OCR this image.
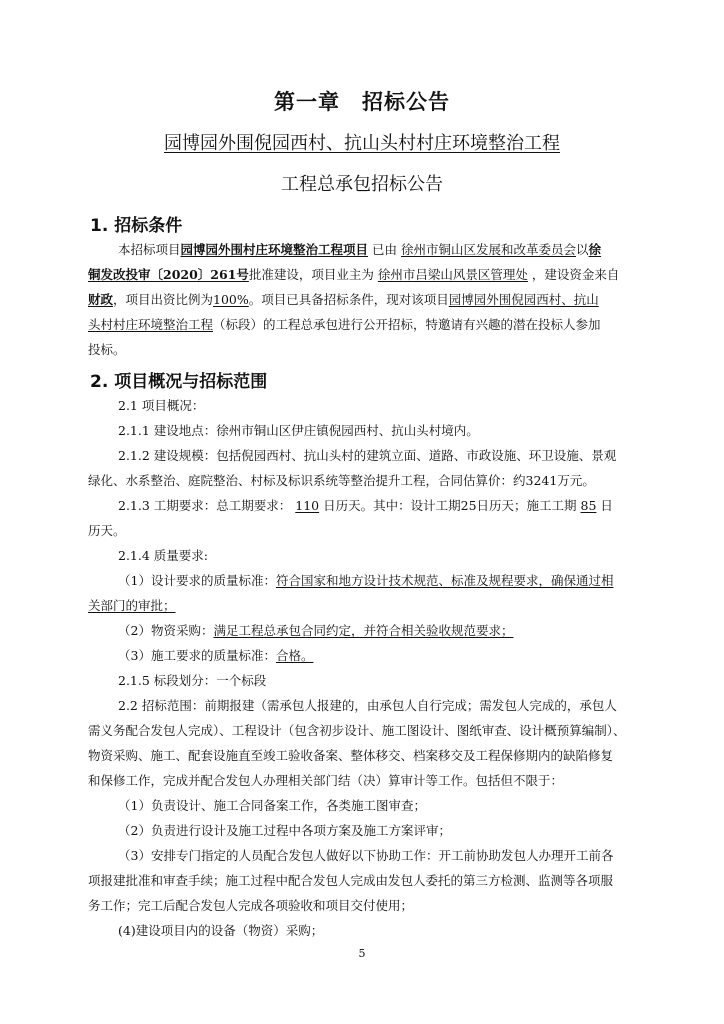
第一章　招标公告
园博园外围倪园西村、抗山头村村庄环境整治工程
工程总承包招标公告
1. 招标条件
本招标项目园博园外围村庄环境整治工程项目 已由 徐州市铜山区发展和改革委员会以徐
铜发改投审〔2020〕261号批准建设，项目业主为 徐州市吕梁山风景区管理处 ，建设资金来自
财政，项目出资比例为100%。项目已具备招标条件，现对该项目园博园外围倪园西村、抗山
头村村庄环境整治工程（标段）的工程总承包进行公开招标，特邀请有兴趣的潜在投标人参加
投标。
2. 项目概况与招标范围
2.1 项目概况：
2.1.1 建设地点：徐州市铜山区伊庄镇倪园西村、抗山头村境内。
2.1.2 建设规模：包括倪园西村、抗山头村的建筑立面、道路、市政设施、环卫设施、景观
绿化、水系整治、庭院整治、村标及标识系统等整治提升工程，合同估算价：约3241万元。
2.1.3 工期要求：总工期要求： 110 日历天。其中：设计工期25日历天；施工工期 85 日
历天。
2.1.4 质量要求:
（1）设计要求的质量标准：符合国家和地方设计技术规范、标准及规程要求，确保通过相
关部门的审批；
（2）物资采购：满足工程总承包合同约定，并符合相关验收规范要求；
（3）施工要求的质量标准：合格。
2.1.5 标段划分：一个标段
2.2 招标范围：前期报建（需承包人报建的，由承包人自行完成；需发包人完成的，承包人
需义务配合发包人完成）、工程设计（包含初步设计、施工图设计、图纸审查、设计概预算编制）、
物资采购、施工、配套设施直至竣工验收备案、整体移交、档案移交及工程保修期内的缺陷修复
和保修工作，完成并配合发包人办理相关部门结（决）算审计等工作。包括但不限于：
（1）负责设计、施工合同备案工作，各类施工图审查；
（2）负责进行设计及施工过程中各项方案及施工方案评审；
（3）安排专门指定的人员配合发包人做好以下协助工作：开工前协助发包人办理开工前各
项报建批准和审查手续；施工过程中配合发包人完成由发包人委托的第三方检测、监测等各项服
务工作；完工后配合发包人完成各项验收和项目交付使用；
(4)建设项目内的设备（物资）采购；
5
